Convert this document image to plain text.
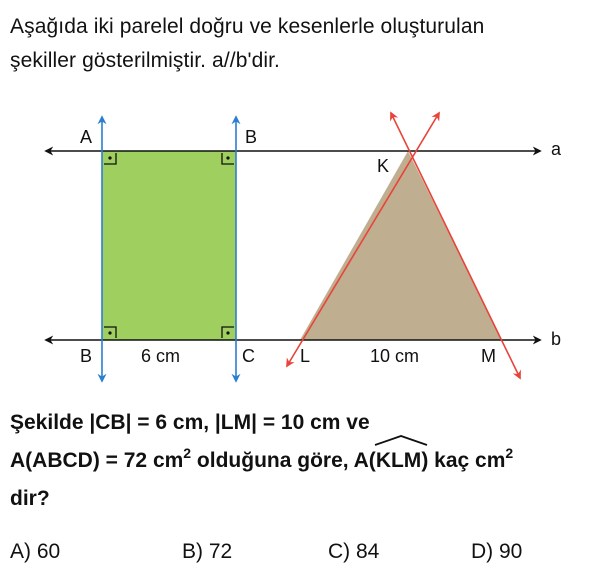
Aşağıda iki parelel doğru ve kesenlerle oluşturulan
şekiller gösterilmiştir. a//b'dir.
A	B
K
a
B	6 cm	C	L	10 cm	M
b
Şekilde |CB| = 6 cm, |LM| = 10 cm ve
A(ABCD) = 72 $cm^2$ olduğuna göre, A(
KLM) kaç $cm^2$
dir?
A) 60	B) 72	C) 84	D) 90
